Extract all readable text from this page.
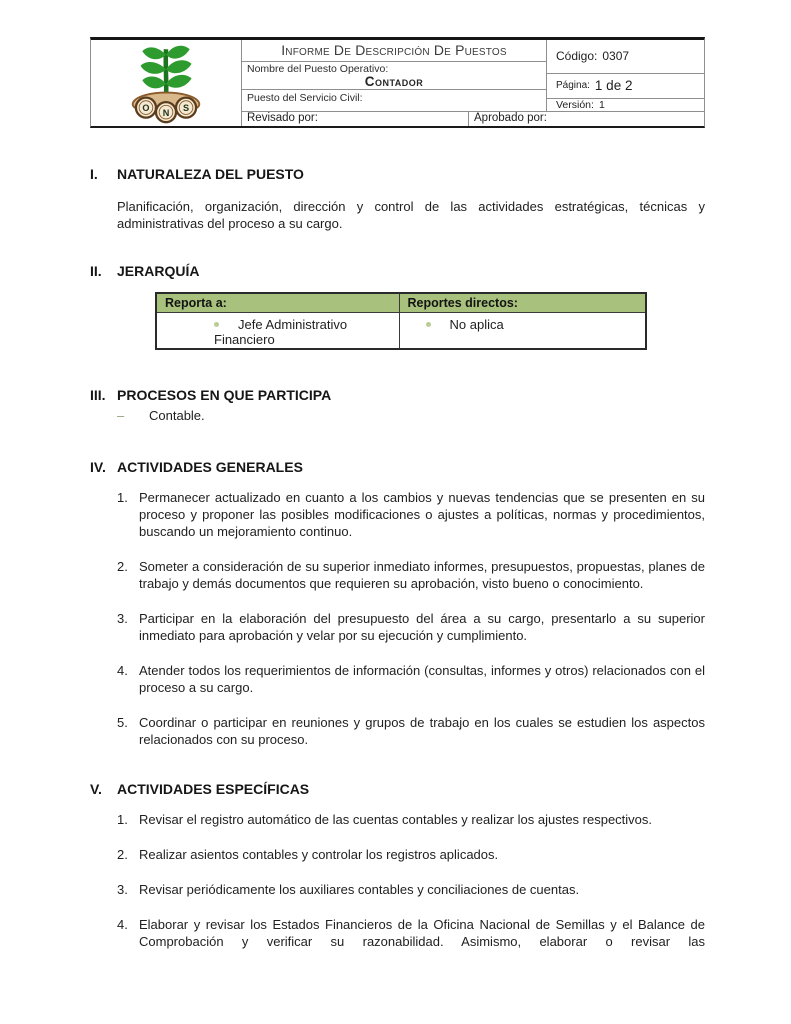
O N S
Informe De Descripción De Puestos
Nombre del Puesto Operativo:
Contador
Puesto del Servicio Civil:
Código: 0307
Página: 1 de 2
Versión: 1
Revisado por:	Aprobado por:
I.	NATURALEZA DEL PUESTO
Planificación, organización, dirección y control de las actividades estratégicas, técnicas y administrativas del proceso a su cargo.
II.	JERARQUÍA
Reporta a:	Reportes directos:
Jefe Administrativo Financiero	No aplica
III. PROCESOS EN QUE PARTICIPA
–	Contable.
IV. ACTIVIDADES GENERALES
1. Permanecer actualizado en cuanto a los cambios y nuevas tendencias que se presenten en su proceso y proponer las posibles modificaciones o ajustes a políticas, normas y procedimientos, buscando un mejoramiento continuo.
2. Someter a consideración de su superior inmediato informes, presupuestos, propuestas, planes de trabajo y demás documentos que requieren su aprobación, visto bueno o conocimiento.
3. Participar en la elaboración del presupuesto del área a su cargo, presentarlo a su superior inmediato para aprobación y velar por su ejecución y cumplimiento.
4. Atender todos los requerimientos de información (consultas, informes y otros) relacionados con el proceso a su cargo.
5. Coordinar o participar en reuniones y grupos de trabajo en los cuales se estudien los aspectos relacionados con su proceso.
V.	ACTIVIDADES ESPECÍFICAS
1. Revisar el registro automático de las cuentas contables y realizar los ajustes respectivos.
2. Realizar asientos contables y controlar los registros aplicados.
3. Revisar periódicamente los auxiliares contables y conciliaciones de cuentas.
4. Elaborar y revisar los Estados Financieros de la Oficina Nacional de Semillas y el Balance de Comprobación y verificar su razonabilidad. Asimismo, elaborar o revisar las
